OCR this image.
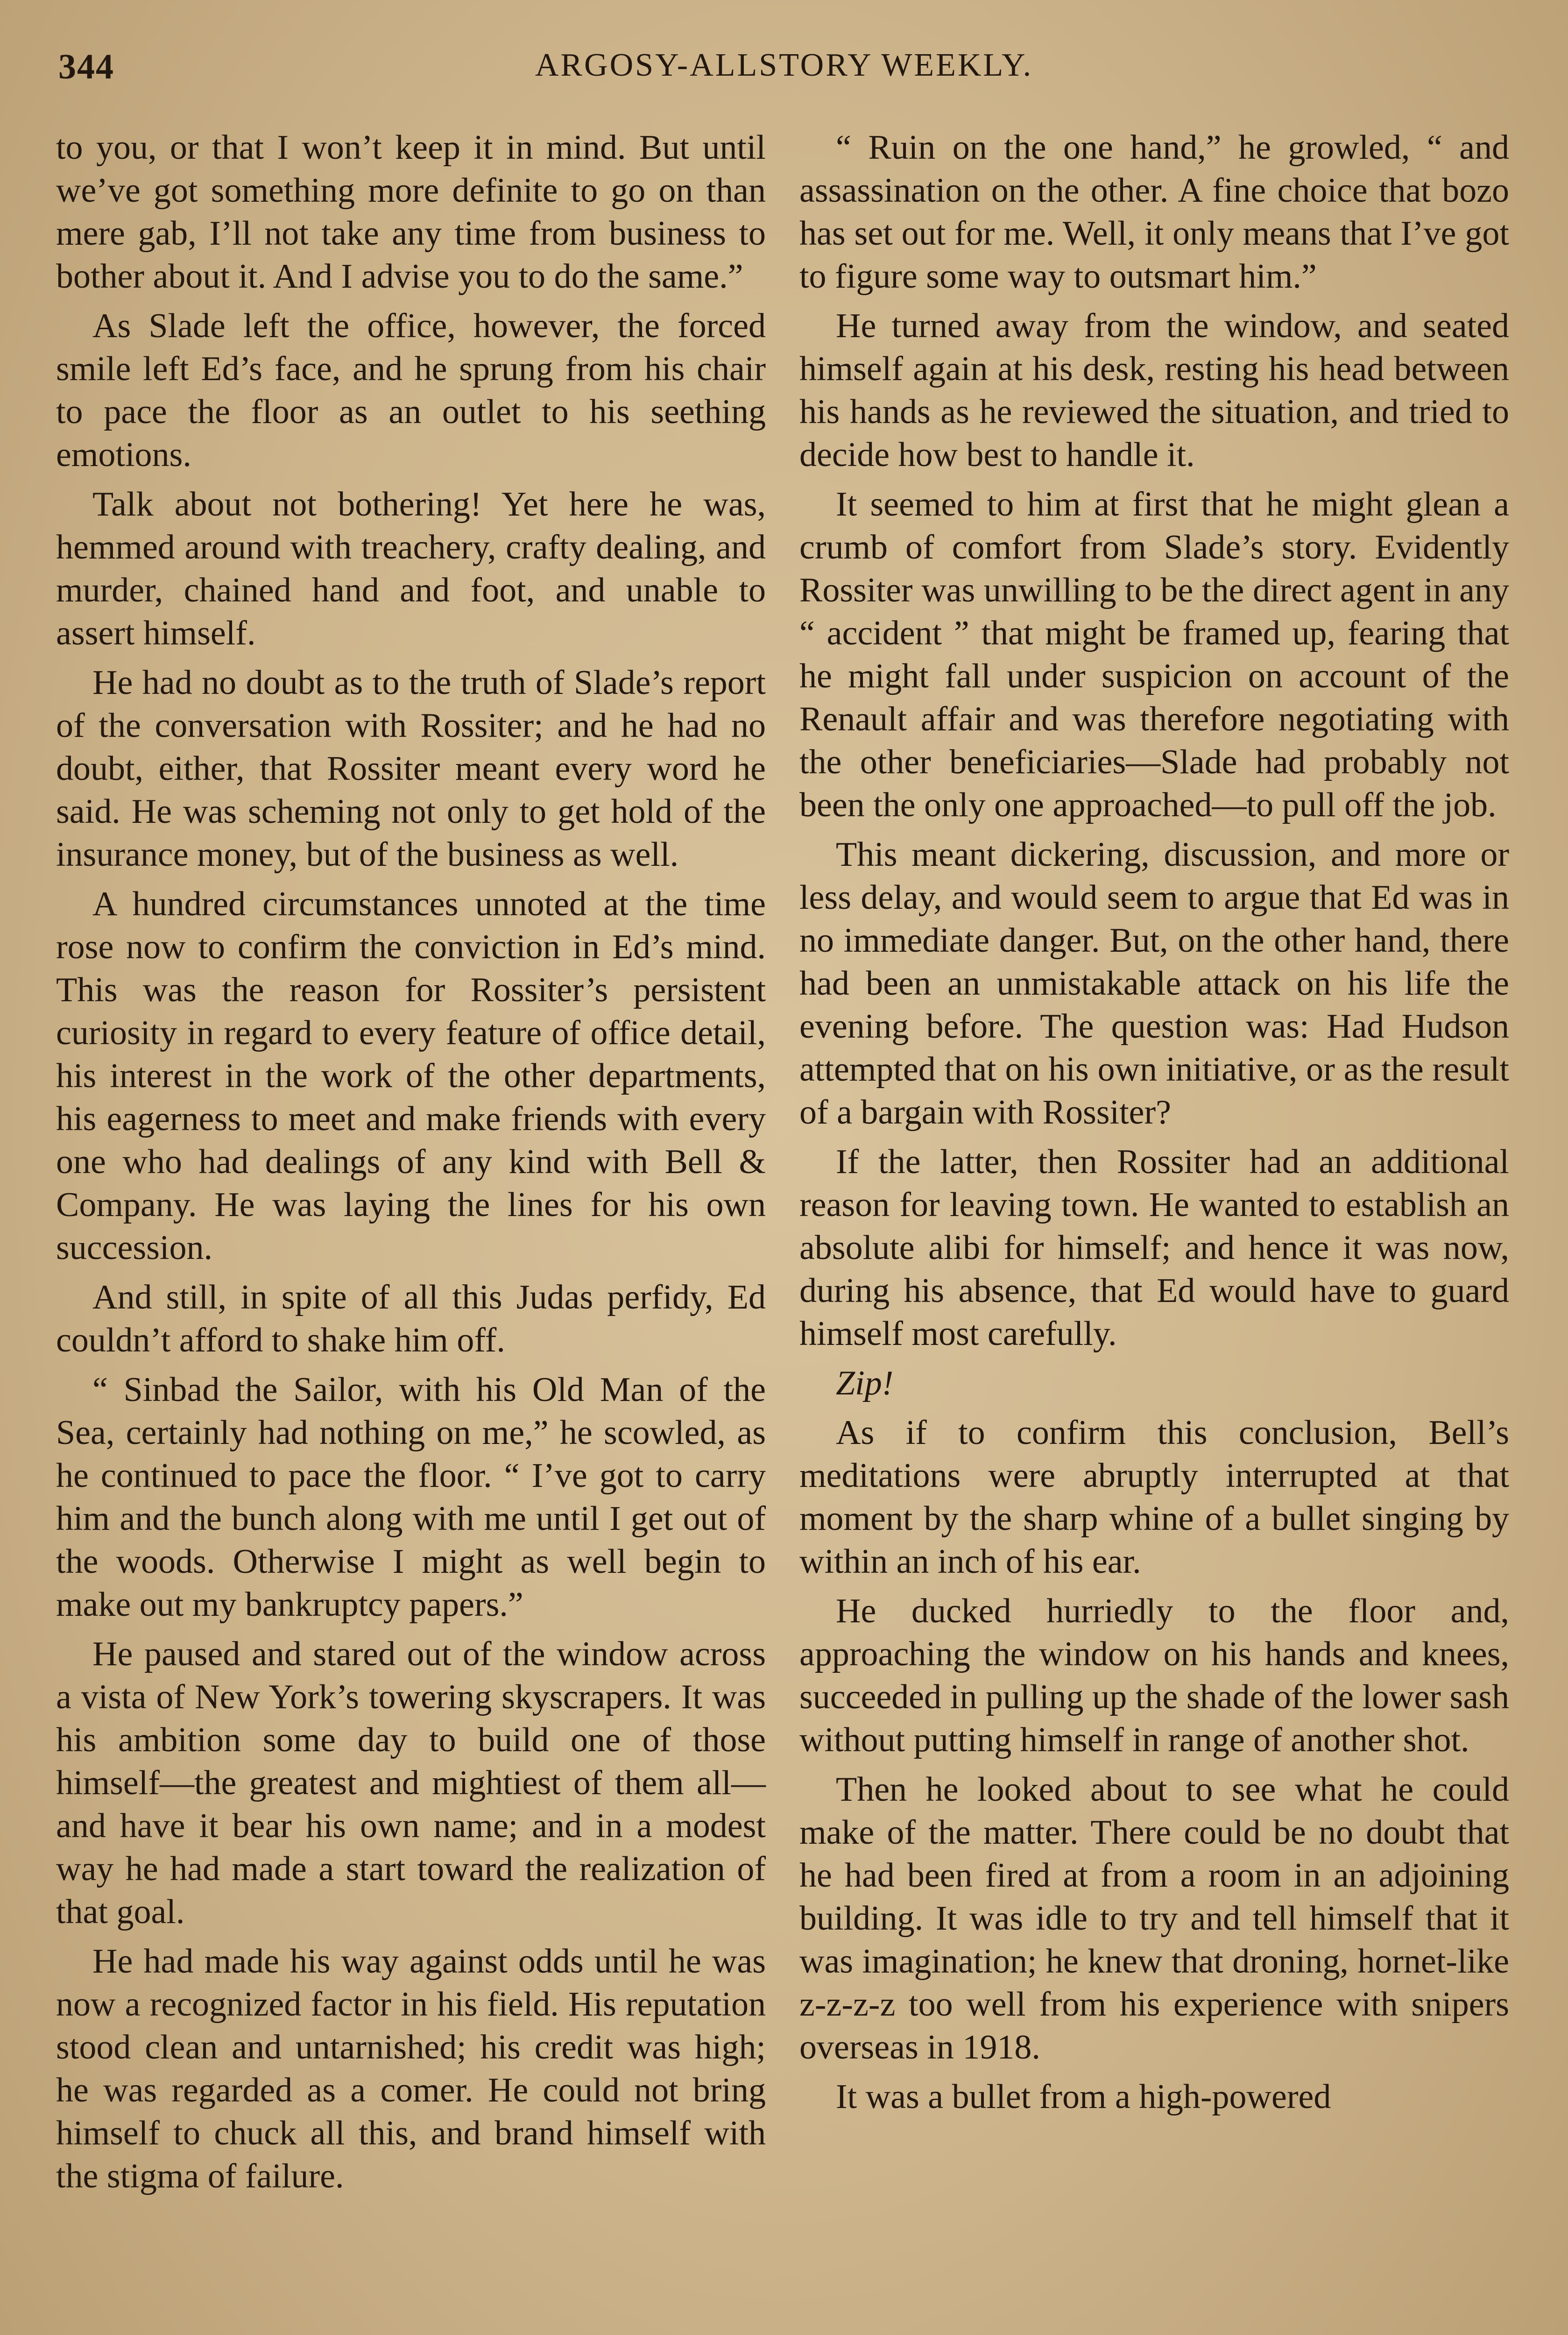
344	ARGOSY-ALLSTORY WEEKLY.

to you, or that I won’t keep it in mind. But until we’ve got something more definite to go on than mere gab, I’ll not take any time from business to bother about it. And I advise you to do the same.”

As Slade left the office, however, the forced smile left Ed’s face, and he sprung from his chair to pace the floor as an outlet to his seething emotions.

Talk about not bothering! Yet here he was, hemmed around with treachery, crafty dealing, and murder, chained hand and foot, and unable to assert himself.

He had no doubt as to the truth of Slade’s report of the conversation with Rossiter; and he had no doubt, either, that Rossiter meant every word he said. He was scheming not only to get hold of the insurance money, but of the business as well.

A hundred circumstances unnoted at the time rose now to confirm the conviction in Ed’s mind. This was the reason for Rossiter’s persistent curiosity in regard to every feature of office detail, his interest in the work of the other departments, his eagerness to meet and make friends with every one who had dealings of any kind with Bell & Company. He was laying the lines for his own succession.

And still, in spite of all this Judas perfidy, Ed couldn’t afford to shake him off.

“ Sinbad the Sailor, with his Old Man of the Sea, certainly had nothing on me,” he scowled, as he continued to pace the floor. “ I’ve got to carry him and the bunch along with me until I get out of the woods. Otherwise I might as well begin to make out my bankruptcy papers.”

He paused and stared out of the window across a vista of New York’s towering skyscrapers. It was his ambition some day to build one of those himself—the greatest and mightiest of them all—and have it bear his own name; and in a modest way he had made a start toward the realization of that goal.

He had made his way against odds until he was now a recognized factor in his field. His reputation stood clean and untarnished; his credit was high; he was regarded as a comer. He could not bring himself to chuck all this, and brand himself with the stigma of failure.

“ Ruin on the one hand,” he growled, “ and assassination on the other. A fine choice that bozo has set out for me. Well, it only means that I’ve got to figure some way to outsmart him.”

He turned away from the window, and seated himself again at his desk, resting his head between his hands as he reviewed the situation, and tried to decide how best to handle it.

It seemed to him at first that he might glean a crumb of comfort from Slade’s story. Evidently Rossiter was unwilling to be the direct agent in any “ accident ” that might be framed up, fearing that he might fall under suspicion on account of the Renault affair and was therefore negotiating with the other beneficiaries—Slade had probably not been the only one approached—to pull off the job.

This meant dickering, discussion, and more or less delay, and would seem to argue that Ed was in no immediate danger. But, on the other hand, there had been an unmistakable attack on his life the evening before. The question was: Had Hudson attempted that on his own initiative, or as the result of a bargain with Rossiter?

If the latter, then Rossiter had an additional reason for leaving town. He wanted to establish an absolute alibi for himself; and hence it was now, during his absence, that Ed would have to guard himself most carefully.

Zip!

As if to confirm this conclusion, Bell’s meditations were abruptly interrupted at that moment by the sharp whine of a bullet singing by within an inch of his ear.

He ducked hurriedly to the floor and, approaching the window on his hands and knees, succeeded in pulling up the shade of the lower sash without putting himself in range of another shot.

Then he looked about to see what he could make of the matter. There could be no doubt that he had been fired at from a room in an adjoining building. It was idle to try and tell himself that it was imagination; he knew that droning, hornet-like z-z-z-z too well from his experience with snipers overseas in 1918.

It was a bullet from a high-powered
